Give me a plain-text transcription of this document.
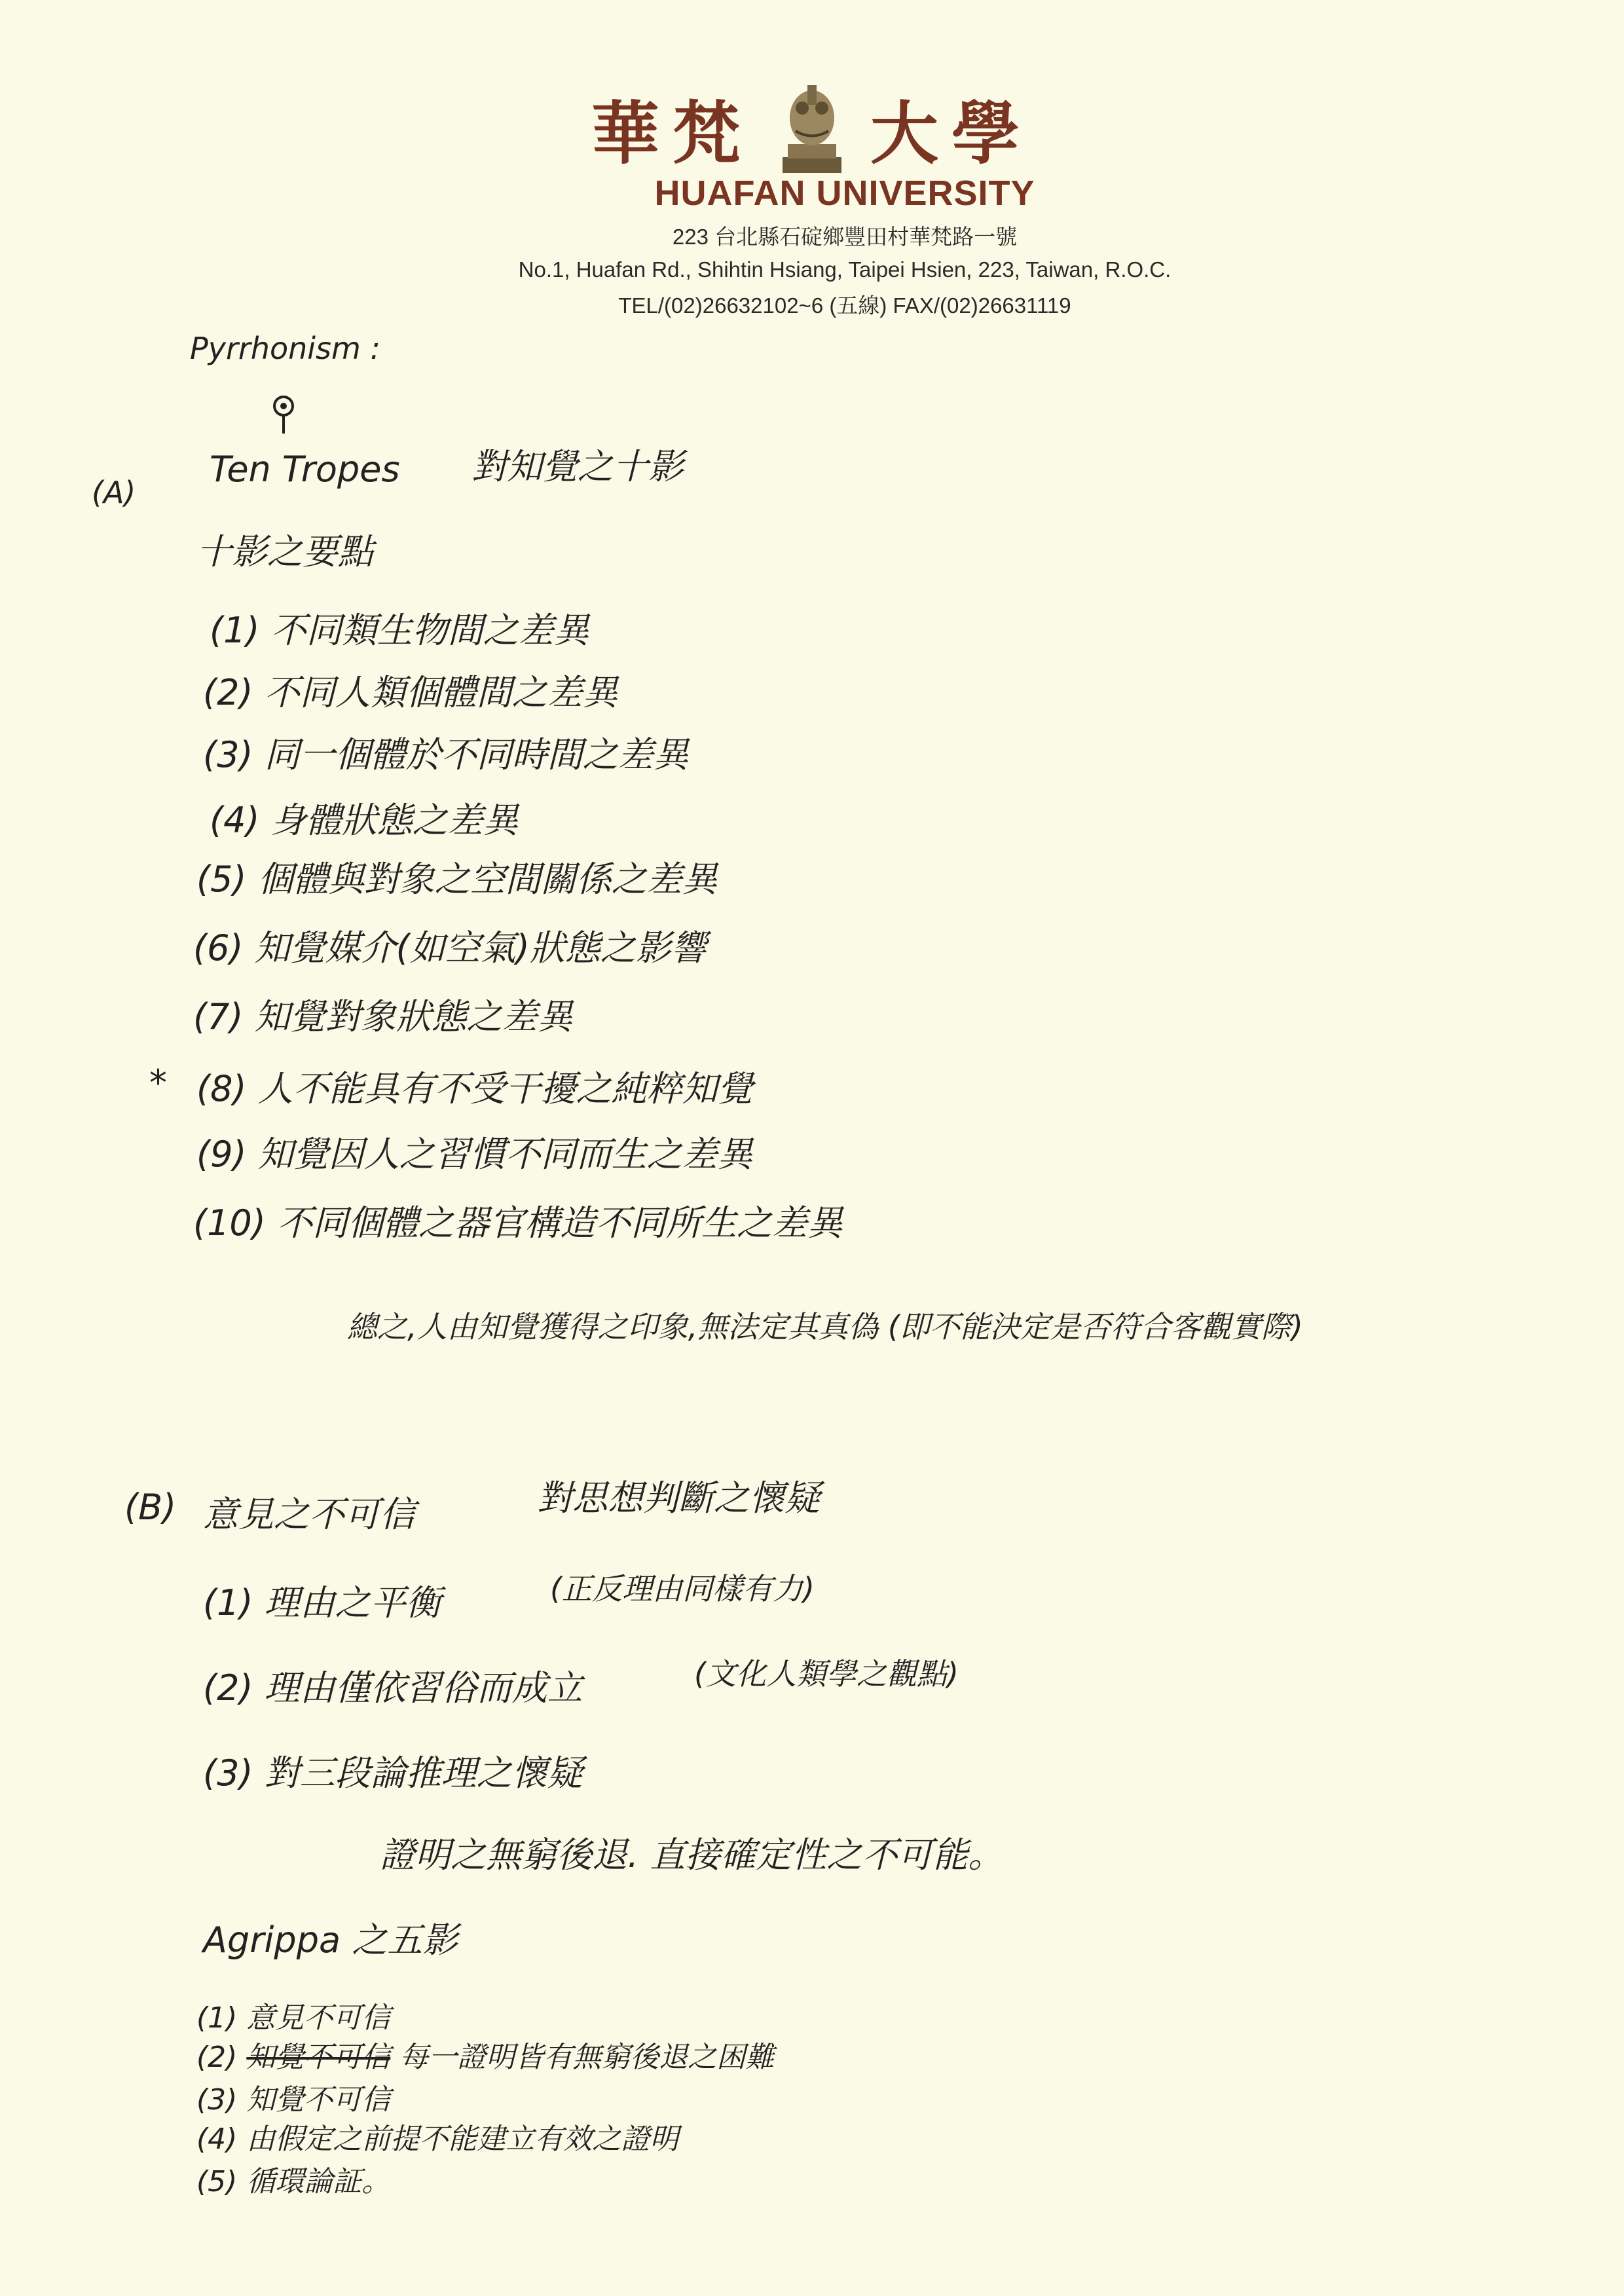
華梵 大學
HUAFAN UNIVERSITY
223 台北縣石碇鄉豐田村華梵路一號
No.1, Huafan Rd., Shihtin Hsiang, Taipei Hsien, 223, Taiwan, R.O.C.
TEL/(02)26632102~6 (五線) FAX/(02)26631119
Pyrrhonism :
(A)
Ten Tropes 對知覺之十影
十影之要點
(1) 不同類生物間之差異
(2) 不同人類個體間之差異
(3) 同一個體於不同時間之差異
(4) 身體狀態之差異
(5) 個體與對象之空間關係之差異
(6) 知覺媒介(如空氣)狀態之影響
(7) 知覺對象狀態之差異
* (8) 人不能具有不受干擾之純粹知覺
(9) 知覺因人之習慣不同而生之差異
(10) 不同個體之器官構造不同所生之差異
總之,人由知覺獲得之印象,無法定其真偽 (即不能決定是否符合客觀實際)
(B) 意見之不可信	對思想判斷之懷疑
(1) 理由之平衡	(正反理由同樣有力)
(2) 理由僅依習俗而成立	(文化人類學之觀點)
(3) 對三段論推理之懷疑
證明之無窮後退. 直接確定性之不可能。
Agrippa 之五影
(1) 意見不可信
(2) 知覺不可信 每一證明皆有無窮後退之困難
(3) 知覺不可信
(4) 由假定之前提不能建立有效之證明
(5) 循環論証。
